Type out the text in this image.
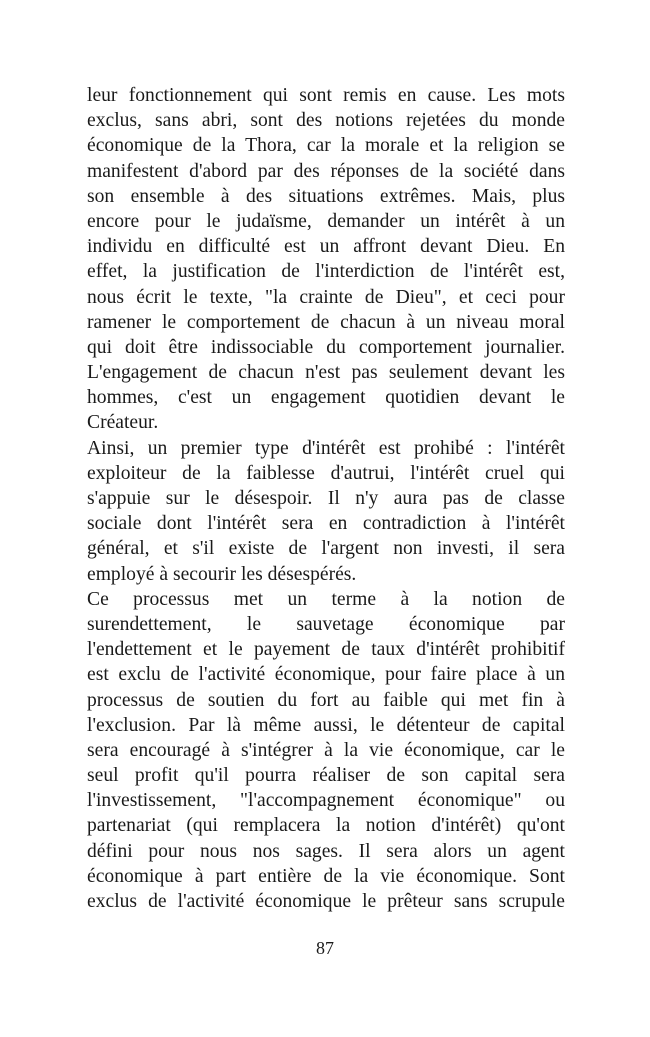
leur fonctionnement qui sont remis en cause. Les mots
exclus, sans abri, sont des notions rejetées du monde
économique de la Thora, car la morale et la religion se
manifestent d'abord par des réponses de la société dans
son ensemble à des situations extrêmes. Mais, plus
encore pour le judaïsme, demander un intérêt à un
individu en difficulté est un affront devant Dieu. En
effet, la justification de l'interdiction de l'intérêt est,
nous écrit le texte, "la crainte de Dieu", et ceci pour
ramener le comportement de chacun à un niveau moral
qui doit être indissociable du comportement journalier.
L'engagement de chacun n'est pas seulement devant les
hommes, c'est un engagement quotidien devant le
Créateur.
Ainsi, un premier type d'intérêt est prohibé : l'intérêt
exploiteur de la faiblesse d'autrui, l'intérêt cruel qui
s'appuie sur le désespoir. Il n'y aura pas de classe
sociale dont l'intérêt sera en contradiction à l'intérêt
général, et s'il existe de l'argent non investi, il sera
employé à secourir les désespérés.
Ce processus met un terme à la notion de
surendettement, le sauvetage économique par
l'endettement et le payement de taux d'intérêt prohibitif
est exclu de l'activité économique, pour faire place à un
processus de soutien du fort au faible qui met fin à
l'exclusion. Par là même aussi, le détenteur de capital
sera encouragé à s'intégrer à la vie économique, car le
seul profit qu'il pourra réaliser de son capital sera
l'investissement, "l'accompagnement économique" ou
partenariat (qui remplacera la notion d'intérêt) qu'ont
défini pour nous nos sages. Il sera alors un agent
économique à part entière de la vie économique. Sont
exclus de l'activité économique le prêteur sans scrupule
87
